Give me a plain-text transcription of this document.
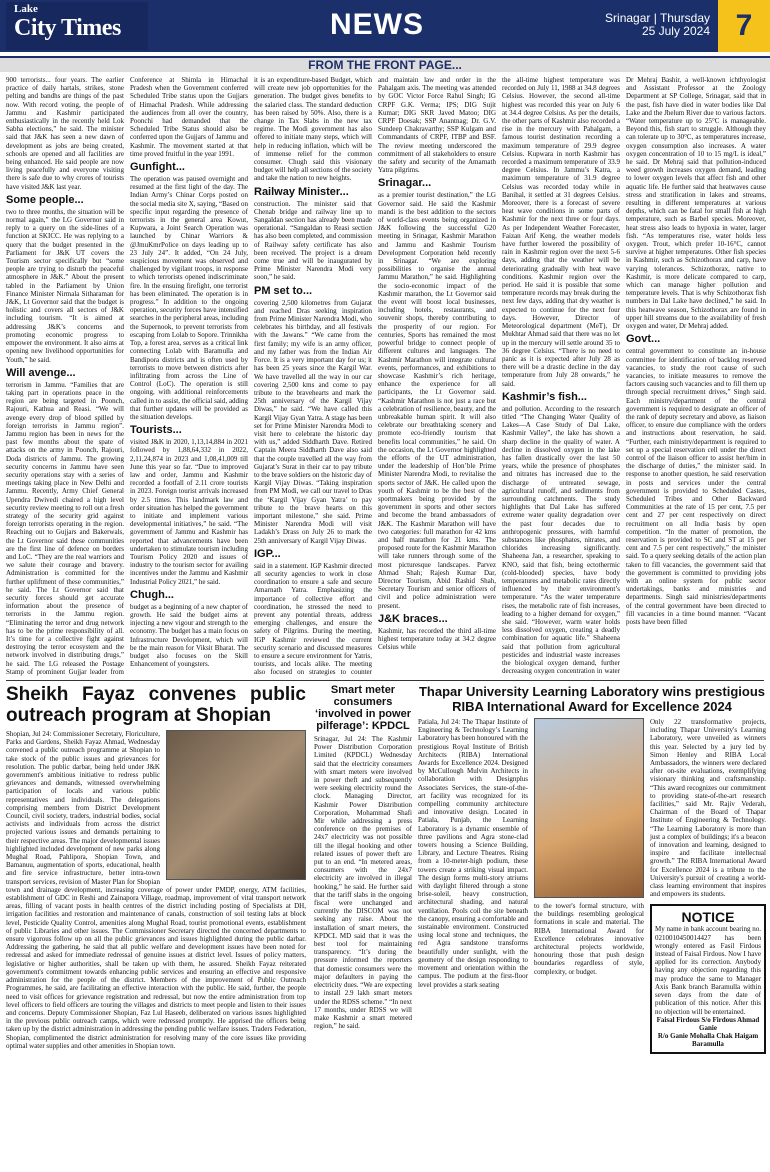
Lake
City Times	NEWS	Srinagar | Thursday
25 July 2024 7
FROM THE FRONT PAGE...

900 terrorists... four years. The earlier practice of daily hartals, strikes, stone pelting and bandhs are things of the past now. With record voting, the people of Jammu and Kashmir participated enthusiastically in the recently held Lok Sabha elections,” he said. The minister said that J&K has seen a new dawn of development as jobs are being created, schools are opened and all facilities are being enhanced. He said people are now living peacefully and everyone visiting there is safe due to why crores of tourists have visited J&K last year.

Some people...

two to three months, the situation will be normal again,” the LG Governor said in reply to a query on the side-lines of a function at SKICC. He was replying to a query that the budget presented in the Parliament for J&K UT covers the Tourism sector specifically but “some people are trying to disturb the peaceful atmosphere in J&K.” About the present tabled in the Parliament by Union Finance Minister Nirmala Sitharaman for J&K, Lt Governor said that the budget is holistic and covers all sectors of J&K including tourism. “It is aimed at addressing J&K’s concerns and promoting economic progress to empower the environment. It also aims at opening new livelihood opportunities for Youth,” he said.

Will avenge...

terrorism in Jammu. “Families that are taking part in operations peace in the region are being targeted in Poonch, Rajouri, Kathua and Reasi. “We will avenge every drop of blood spilled by foreign terrorists in Jammu region”. Jammu region has been in news for the past few months about the spate of attacks on the army in Poonch, Rajouri, Doda districts of Jammu. The growing security concerns in Jammu have seen security operations stay with a series of meetings taking place in New Delhi and Jammu. Recently, Army Chief General Upendra Dwivedi chaired a high level security review meeting to roll out a fresh strategy of the security grid against foreign terrorists operating in the region. Reaching out to Gujjars and Bakerwals, the Lt Governor said these communities are the first line of defence on borders and LoC. “They are the real warriors and we salute their courage and bravery. Administration is committed for the further upliftment of these communities,” he said. The Lt Governor said that security forces should get accurate information about the presence of terrorists in the Jammu region. “Eliminating the terror and drug network has to be the prime responsibility of all. It’s time for a collective fight against destroying the terror ecosystem and the network involved in distributing drugs,” he said. The LG released the Postage Stamp of prominent Gujjar leader from

Conference at Shimla in Himachal Pradesh when the Government conferred Scheduled Tribe status upon the Gujjars of Himachal Pradesh. While addressing the audiences from all over the country, Poonchi had demanded that the Scheduled Tribe Status should also be conferred upon the Gujjars of Jammu and Kashmir. The movement started at that time proved fruitful in the year 1991.

Gunfight...

The operation was paused overnight and resumed at the first light of the day. The Indian Army’s Chinar Corps posted on the social media site X, saying, “Based on specific input regarding the presence of terrorists in the general area Kowut, Kupwara, a Joint Search Operation was launched by Chinar Warriors & @JmuKmrPolice on days leading up to 23 July 24”. It added, “On 24 July, suspicious movement was observed and challenged by vigilant troops, in response to which terrorists opened indiscriminate fire. In the ensuing firefight, one terrorist has been eliminated. The operation is in progress.” In addition to the ongoing operation, security forces have intensified searches in the peripheral areas, including the Supernook, to prevent terrorists from escaping from Lolab to Sopore. Trinnikha Top, a forest area, serves as a critical link connecting Lolab with Baramulla and Bandipora districts and is often used by terrorists to move between districts after infiltrating from across the Line of Control (LoC). The operation is still ongoing, with additional reinforcements called in to assist, the official said, adding that further updates will be provided as the situation develops.

Tourists...

visited J&K in 2020, 1,13,14,884 in 2021 followed by 1,88,64,332 in 2022, 2,11,24,874 in 2023 and 1,08,41,009 till June this year so far. “Due to improved law and order, Jammu and Kashmir recorded a footfall of 2.11 crore tourists in 2023. Foreign tourist arrivals increased by 2.5 times. This landmark law and order situation has helped the government to initiate and implement various developmental initiatives,” he said. “The government of Jammu and Kashmir has reported that advancements have been undertaken to stimulate tourism including Tourism Policy 2020 and issues of industry to the tourism sector for availing incentives under the Jammu and Kashmir Industrial Policy 2021,” he said.

Chugh...

budget as a beginning of a new chapter of growth. He said the budget aims at injecting a new vigour and strength to the economy. The budget has a main focus on Infrastructure Development, which will be the main reason for Viksit Bharat. The budget also focuses on the Skill Enhancement of youngsters.

it is an expenditure-based Budget, which will create new job opportunities for the generation. The budget gives benefits to the salaried class. The standard deduction has been raised by 50%. Also, there is a change in Tax Slabs in the new tax regime. The Modi government has also offered to initiate many steps, which will help in reducing inflation, which will be of immense relief for the common consumer. Chugh said this visionary budget will help all sections of the society and take the nation to new heights.

Railway Minister...

construction. The minister said that Chenab bridge and railway line up to Sangaldan section has already been made operational. “Sangaldan to Reasi section has also been completed, and commission of Railway safety certificate has also been received. The project is a dream come true and will be inaugurated by Prime Minister Narendra Modi very soon,” he said.

PM set to...

covering 2,500 kilometres from Gujarat and reached Dras seeking inspiration from Prime Minister Narendra Modi, who celebrates his birthday, and all festivals with the Jawans.” “We came from the first family; my wife is an army officer, and my father was from the Indian Air Force. It is a very important day for us; it has been 25 years since the Kargil War. We have travelled all the way in our car covering 2,500 kms and come to pay tribute to the bravehearts and mark the 25th anniversary of the Kargil Vijay Diwas,” he said. “We have called this Kargil Vijay Gyan Yatra. A stage has been set for Prime Minister Narendra Modi to visit here to celebrate the historic day with us,” added Siddharth Dave. Retired Captain Meera Siddharth Dave also said that the couple travelled all the way from Gujarat’s Surat in their car to pay tribute to the brave soldiers on the historic day of Kargil Vijay Diwas. “Taking inspiration from PM Modi, we call our travel to Dras the ‘Kargil Vijay Gyan Yatra’ to pay tribute to the brave hearts on this important milestone,” she said. Prime Minister Narendra Modi will visit Ladakh’s Drass on July 26 to mark the 25th anniversary of Kargil Vijay Diwas.

IGP...

said in a statement. IGP Kashmir directed all security agencies to work in close coordination to ensure a safe and secure Amarnath Yatra. Emphasizing the importance of collective effort and coordination, he stressed the need to prevent any potential threats, address emerging challenges, and ensure the safety of Pilgrims. During the meeting, IGP Kashmir reviewed the current security scenario and discussed measures to ensure a secure environment for Yatris, tourists, and locals alike. The meeting also focused on strategies to counter

and maintain law and order in the Pahalgam axis. The meeting was attended by GOC Victor Force Rahul Singh; IG CRPF G.K. Verma; IPS; DIG Sujit Kumar; DIG SKR Javed Matoo; DIG CRPF Doesak; SSP Anantnag; Dr. G.V. Sundeep Chakravarthy; SSP Kulgam and Commandants of CRPF, ITBP and BSF. The review meeting underscored the commitment of all stakeholders to ensure the safety and security of the Amarnath Yatra pilgrims.

Srinagar...

as a premier tourist destination,” the LG Governor said. He said the Kashmir mandi is the best addition to the sectors of world-class events being organized in J&K following the successful G20 meeting in Srinagar, Kashmir Marathon and Jammu and Kashmir Tourism Development Corporation held recently in Srinagar. “We are exploring possibilities to organise the annual Jammu Marathon,” he said. Highlighting the socio-economic impact of the Kashmir marathon, the Lt Governor said the event will boost local businesses, including hotels, restaurants, and souvenir shops, thereby contributing to the prosperity of our region. For centuries, Sports has remained the most powerful bridge to connect people of different cultures and languages. The Kashmir Marathon will integrate cultural events, performances, and exhibitions to showcase Kashmir’s rich heritage, enhance the experience for all participants, the Lt Governor said. “Kashmir Marathon is not just a race but a celebration of resilience, beauty, and the unbreakable human spirit. It will also celebrate our breathtaking scenery and promote eco-friendly tourism that benefits local communities,” he said. On the occasion, the Lt Governor highlighted the efforts of the UT administration, under the leadership of Hon’ble Prime Minister Narendra Modi, to revitalise the sports sector of J&K. He called upon the youth of Kashmir to be the best of the sportmakers being provided by the government in sports and other sectors and become the brand ambassadors of J&K. The Kashmir Marathon will have two categories: full marathon for 42 kms and half marathon for 21 kms. The proposed route for the Kashmir Marathon will take runners through some of the most picturesque landscapes. Parvez Ahmad Shah; Rajesh Kumar Dar, Director Tourism, Abid Rashid Shah, Secretary Tourism and senior officers of civil and police administration were present.

J&K braces...

Kashmir, has recorded the third all-time highest temperature today at 34.2 degree Celsius while

the all-time highest temperature was recorded on July 11, 1988 at 34.8 degrees Celsius. However, the second all-time highest was recorded this year on July 6 at 34.4 degree Celsius. As per the details, the other parts of Kashmir also recorded a rise in the mercury with Pahalgam, a famous tourist destination recording a maximum temperature of 29.9 degree Celsius. Kupwara in north Kashmir has recorded a maximum temperature of 33.9 degree Celsius. In Jammu’s Katra, a maximum temperature of 31.9 degree Celsius was recorded today while in Banihal, it settled at 31 degrees Celsius. Moreover, there is a forecast of severe heat wave conditions in some parts of Kashmir for the next three or four days. As per Independent Weather Forecaster, Faizan Arif Keng, the weather models have further lowered the possibility of rain in Kashmir region over the next 5-6 days, adding that the weather will be deteriorating gradually with heat wave conditions. Kashmir region over the period. He said it is possible that some temperature records may break during the next few days, adding that dry weather is expected to continue for the next four days. However, Director of Meteorological department (MeT), Dr Mukhtar Ahmad said that there was no let up in the mercury will settle around 35 to 36 degree Celsius. “There is no need to panic as it is expected after July 28 as there will be a drastic decline in the day temperature from July 28 onwards,” he said.

Kashmir’s fish...

and pollution. According to the research titled “The Changing Water Quality of Lakes—A Case Study of Dal Lake, Kashmir Valley”, the lake has shown a sharp decline in the quality of water. A decline in dissolved oxygen in the lake has fallen drastically over the last 50 years, while the presence of phosphates and nitrates has increased due to the discharge of untreated sewage, agricultural runoff, and sediments from surrounding catchments. The study highlights that Dal Lake has suffered extreme water quality degradation over the past four decades due to anthropogenic pressures, with harmful substances like phosphates, nitrates, and chlorides increasing significantly. Shaheena Jan, a researcher, speaking to KNO, said that fish, being ectothermic (cold-blooded) species, have body temperatures and metabolic rates directly influenced by their environment’s temperature. “As the water temperature rises, the metabolic rate of fish increases, leading to a higher demand for oxygen,” she said. “However, warm water holds less dissolved oxygen, creating a deadly combination for aquatic life.” Shaheena said that pollution from agricultural pesticides and industrial waste increases the biological oxygen demand, further decreasing oxygen concentration in water

Dr Mehraj Bashir, a well-known ichthyologist and Assistant Professor at the Zoology Department at SP College, Srinagar, said that in the past, fish have died in water bodies like Dal Lake and the Jhelum River due to various factors. “Water temperature up to 25°C is manageable. Beyond this, fish start to struggle. Although they can tolerate up to 30°C, as temperatures increase, oxygen consumption also increases. A water oxygen concentration of 10 to 15 mg/L is ideal,” he said. Dr Mehraj said that pollution-induced weed growth increases oxygen demand, leading to lower oxygen levels that affect fish and other aquatic life. He further said that heatwaves cause stress and stratification in lakes and streams, resulting in different temperatures at various depths, which can be fatal for small fish at high temperature, such as Barbel species. Moreover, heat stress also leads to hypoxia in water, larger fish. “As temperatures rise, water holds less oxygen. Trout, which prefer 10-16°C, cannot survive at higher temperatures. Other fish species in Kashmir, such as Schizothorax and carp, have varying tolerances. Schizothorax, native to Kashmir, is more delicate compared to carp, which can manage higher pollution and temperature levels. That is why Schizothorax fish numbers in Dal Lake have declined,” he said. In this heatwave season, Schizothorax are found in upper hill streams due to the availability of fresh oxygen and water, Dr Mehraj added.

Govt...

central government to constitute an in-house committee for identification of backlog reserved vacancies, to study the root cause of such vacancies, to initiate measures to remove the factors causing such vacancies and to fill them up through special recruitment drives,” Singh said. Each ministry/department of the central government is required to designate an officer of the rank of deputy secretary and above, as liaison officer, to ensure due compliance with the orders and instructions about reservation, he said. “Further, each ministry/department is required to set up a special reservation cell under the direct control of the liaison officer to assist her/him in the discharge of duties,” the minister said. In response to another question, he said reservation in posts and services under the central government is provided to Scheduled Castes, Scheduled Tribes and Other Backward Communities at the rate of 15 per cent, 7.5 per cent and 27 per cent respectively on direct recruitment on all India basis by open competition. “In the matter of promotion, the reservation is provided to SC and ST at 15 per cent and 7.5 per cent respectively,” the minister said. To a query seeking details of the action plan taken to fill vacancies, the government said that the government is committed to providing jobs with an online system for public sector undertakings, banks and ministries and departments. Singh said ministries/departments of the central government have been directed to fill vacancies in a time bound manner. “Vacant posts have been filled

Sheikh Fayaz convenes public outreach program at Shopian

Shopian, Jul 24: Commissioner Secretary, Floriculture, Parks and Gardens, Sheikh Fayaz Ahmad, Wednesday convened a public outreach programme at Shopian to take stock of the public issues and grievances for resolution. The public darbar, being held under J&K government's ambitious initiative to redress public grievances and demands, witnessed overwhelming participation of locals and various public representatives and individuals. The delegations comprising members from District Development Council, civil society, traders, industrial bodies, social activists and individuals from across the district projected various issues and demands pertaining to their respective areas. The major developmental issues highlighted included development of new parks along Mughal Road, Pahlipora, Shopian Town, and Bamanuu, augmentation of sports, educational, health and fire service infrastructure, better intra-town transport services, revision of Master Plan for Shopian town and drainage development, increasing coverage of power under PMDP, energy, ATM facilities, establishment of GDC in Reshi and Zainapora Village, roadmap, improvement of vital transport network areas, filling of vacant posts in health centres of the district including posting of Specialists at DH, irrigation facilities and restoration and maintenance of canals, construction of soil testing labs at block level, Pesticide Quality Control, amenities along Mughal Road, tourist promotional events, establishment of public Libraries and other issues. The Commissioner Secretary directed the concerned departments to ensure vigorous follow up on all the public grievances and issues highlighted during the public darbar. Addressing the gathering, he said that all public welfare and development issues have been noted for redressal and asked for immediate redressal of genuine issues at district level. Issues of policy matters, legislative or higher authorities, shall be taken up with them, he assured. Sheikh Fayaz reiterated government's commitment towards enhancing public services and ensuring an effective and responsive administration for the people of the district. Members of the improvement of Public Outreach Programmes, he said, are facilitating an effective interaction with the public. He said, further, the people need to visit offices for grievance registration and redressal, but now the entire administration from top level officers to field officers are touring the villages and districts to meet people and listen to their issues and concerns. Deputy Commissioner Shopian, Faz Lul Haseeb, deliberated on various issues highlighted in the previous public outreach camps, which were redressed promptly. He apprised the officers being taken up by the district administration in addressing the pending public welfare issues. Traders Federation, Shopian, complimented the district administration for resolving many of the core issues like providing optimal water supplies and other amenities in Shopian town.

Smart meter consumers ‘involved in power pilferage’: KPDCL

Srinagar, Jul 24: The Kashmir Power Distribution Corporation Limited (KPDCL) Wednesday said that the electricity consumers with smart meters were involved in power theft and subsequently were seeking electricity round the clock. Managing Director, Kashmir Power Distribution Corporation, Mohammad Shafi Mir while addressing a press conference on the premises of 24x7 electricity was not possible till the illegal hooking and other related issues of power theft are put to an end. “In metered areas, consumers with the 24x7 electricity are involved in illegal hooking,” he said. He further said that the tariff slabs in the ongoing fiscal were unchanged and currently the DISCOM was not seeking any raise. About the installation of smart meters, the KPDCL MD said that it was the best tool for maintaining transparency. “It’s during the pressure informed the reporters that domestic consumers were the major defaulters in paying the electricity dues. “We are expecting to install 2.9 lakh smart meters under the RDSS scheme.” “In next 17 months, under RDSS we will make Kashmir a smart metered region,” he said.

Thapar University Learning Laboratory wins prestigious RIBA International Award for Excellence 2024

Patiala, Jul 24: The Thapar Institute of Engineering & Technology’s Learning Laboratory has been honoured with the prestigious Royal Institute of British Architects (RIBA) International Awards for Excellence 2024. Designed by McCullough Mulvin Architects in collaboration with Designplus Associates Services, the state-of-the-art facility was recognized for its compelling community architecture and innovative design. Located in Patiala, Punjab, the Learning Laboratory is a dynamic ensemble of three pavilions and Agra stone-clad towers housing a Science Building, Library, and Lecture Theatres. Rising from a 10-meter-high podium, these towers create a striking visual impact. The design forms multi-story atriums with daylight filtered through a stone brise-soleil, heavy construction, architectural shading, and natural ventilation. Pools coil the site beneath the canopy, ensuring a comfortable and sustainable environment. Constructed using local stone and techniques, the red Agra sandstone transforms beautifully under sunlight, with the geometry of the design responding to movement and orientation within the campus. The podium at the first-floor level provides a stark seating

to the tower's formal structure, with the buildings resembling geological formations in scale and material. The RIBA International Award for Excellence celebrates innovative architectural projects worldwide, honouring those that push design boundaries regardless of style, complexity, or budget.

Only 22 transformative projects, including Thapar University's Learning Laboratory, were unveiled as winners this year. Selected by a jury led by Simon Henley and RIBA Local Ambassadors, the winners were declared after on-site evaluations, exemplifying visionary thinking and craftsmanship. “This award recognizes our commitment to providing state-of-the-art research facilities,” said Mr. Rajiv Vederah, Chairman of the Board of Thapar Institute of Engineering & Technology. “The Learning Laboratory is more than just a complex of buildings; it's a beacon of innovation and learning, designed to inspire and facilitate intellectual growth.” The RIBA International Award for Excellence 2024 is a tribute to the University's pursuit of creating a world-class learning environment that inspires and empowers its students.

NOTICE

My name in bank account bearing no. 0210010450014427 has been wrongly entered as Fasil Firdous instead of Faisal Firdous. Now I have applied for its correction. Anybody having any objection regarding this may produce the same to Manager Axis Bank branch Baramulla within seven days from the date of publication of this notice. After this no objection will be entertained.

Faisal Firdous S/o Firdous Ahmad Ganie

R/o Ganie Mohalla Chak Haigam Baramulla
